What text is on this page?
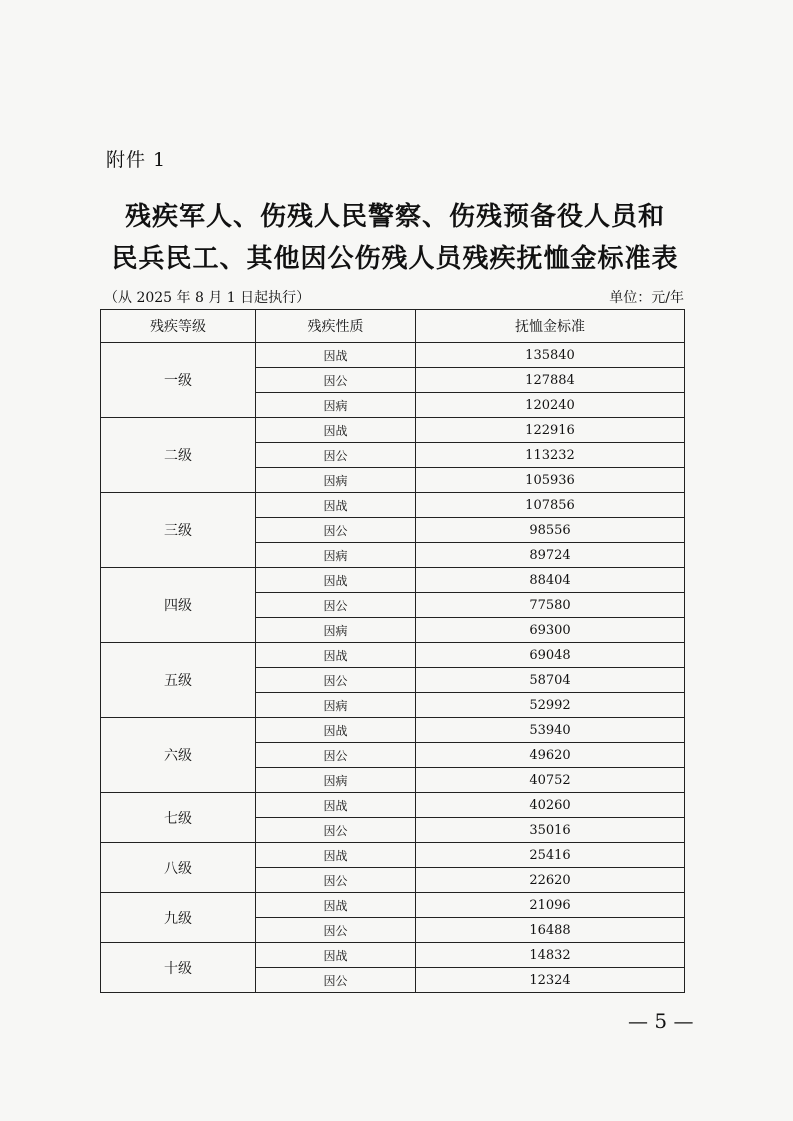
附件 1
残疾军人、伤残人民警察、伤残预备役人员和
民兵民工、其他因公伤残人员残疾抚恤金标准表
（从 2025 年 8 月 1 日起执行）	单位：元/年
残疾等级	残疾性质	抚恤金标准
一级	因战	135840
	因公	127884
	因病	120240
二级	因战	122916
	因公	113232
	因病	105936
三级	因战	107856
	因公	98556
	因病	89724
四级	因战	88404
	因公	77580
	因病	69300
五级	因战	69048
	因公	58704
	因病	52992
六级	因战	53940
	因公	49620
	因病	40752
七级	因战	40260
	因公	35016
八级	因战	25416
	因公	22620
九级	因战	21096
	因公	16488
十级	因战	14832
	因公	12324
— 5 —
